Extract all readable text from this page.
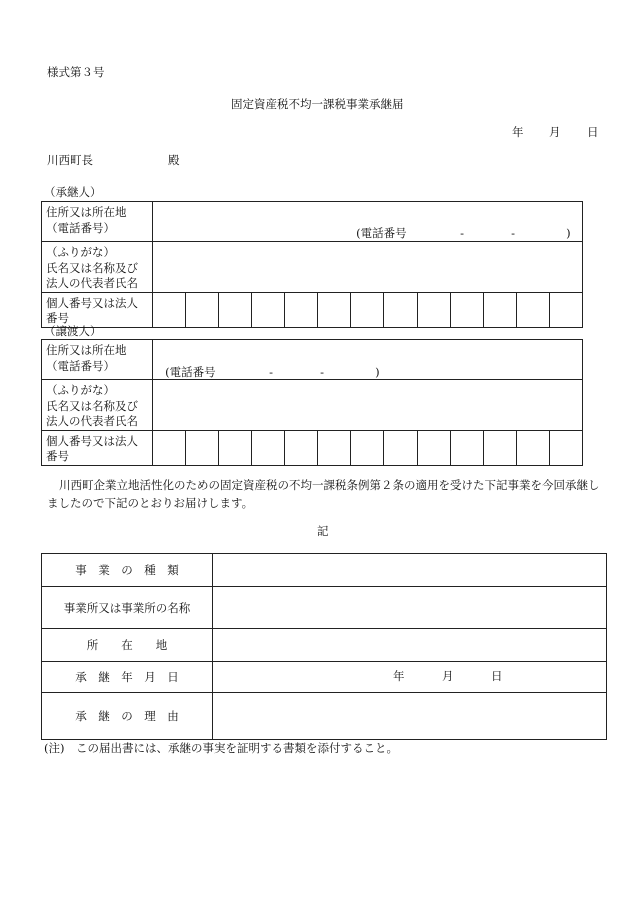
様式第３号
固定資産税不均一課税事業承継届
年 月 日
川西町長	殿
（承継人）
住所又は所在地
（電話番号）	(電話番号 - - )												

（ふりがな）
氏名又は名称及び
法人の代表者氏名													

個人番号又は法人
番号													

（譲渡人）
住所又は所在地
（電話番号）	(電話番号 - - )												

（ふりがな）
氏名又は名称及び
法人の代表者氏名													

個人番号又は法人
番号													

川西町企業立地活性化のための固定資産税の不均一課税条例第２条の適用を受けた下記事業を今回承継しましたので下記のとおりお届けします。
記
事　業　の　種　類	
事業所又は事業所の名称	
所　　在　　地	
承　継　年　月　日	年 月 日

承　継　の　理　由	
(注)　この届出書には、承継の事実を証明する書類を添付すること。
